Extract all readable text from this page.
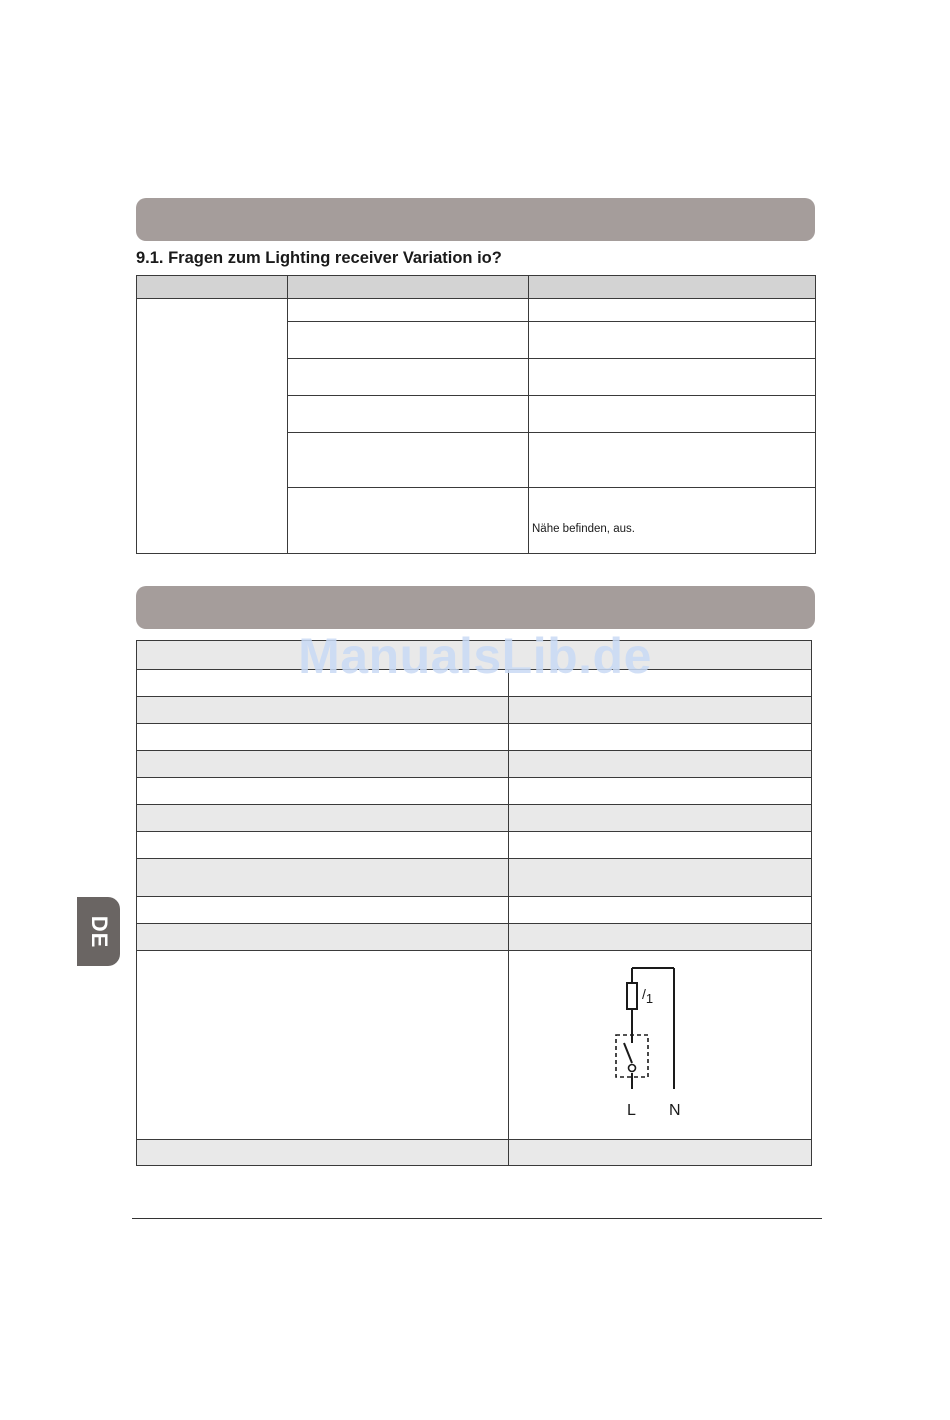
9.1. Fragen zum Lighting receiver Variation io?

		Nähe befinden, aus.

/1
L N

ManualsLib.de
DE
